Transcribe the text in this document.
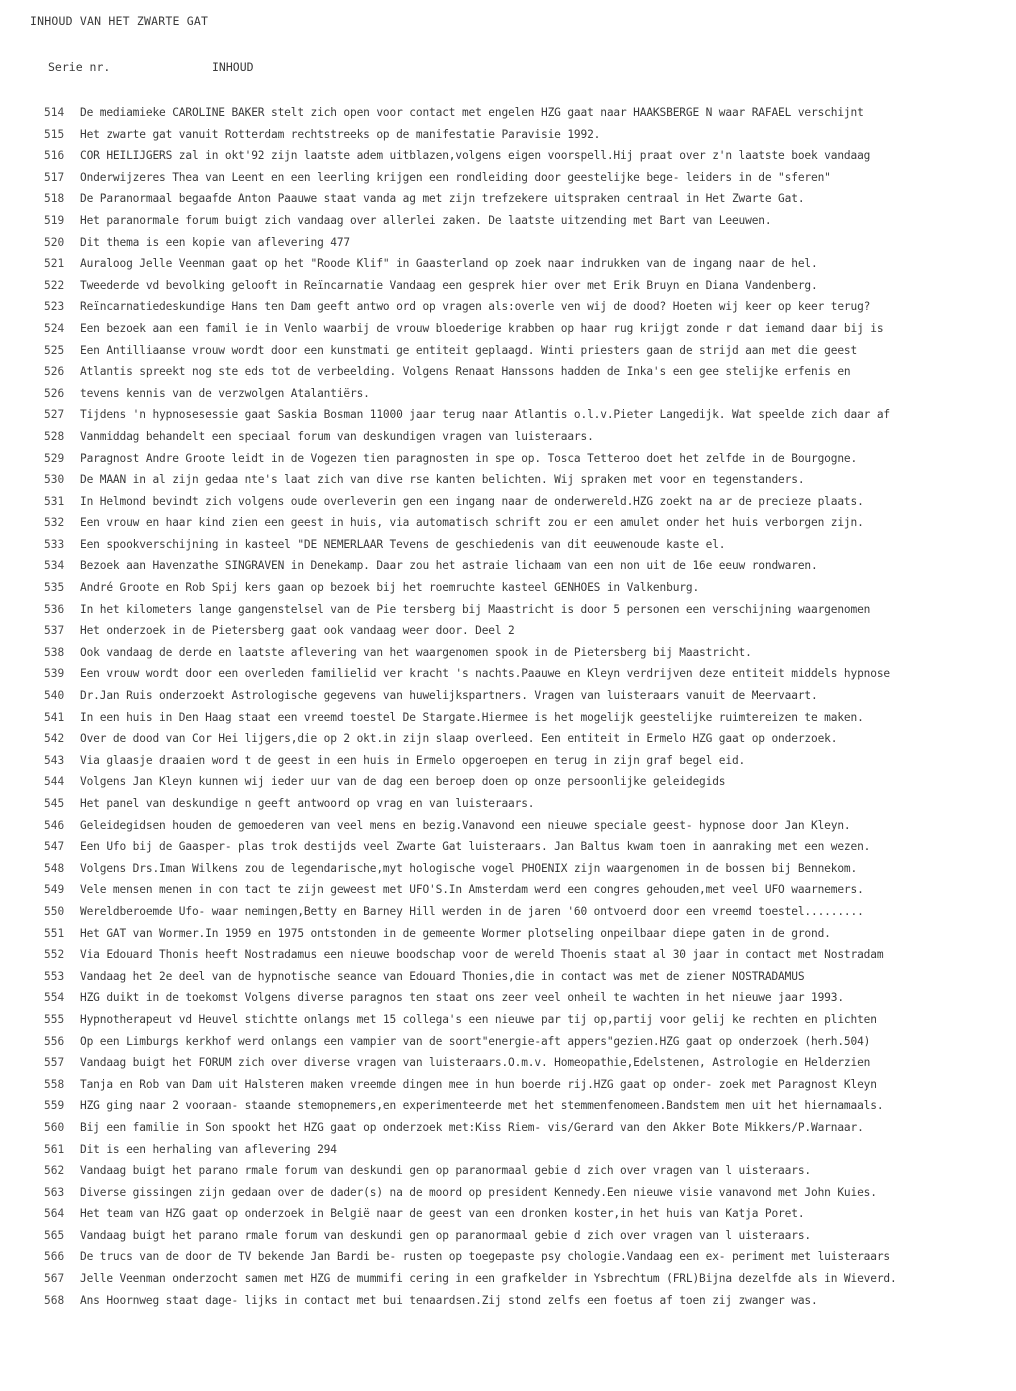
INHOUD VAN HET ZWARTE GAT
Serie nr.	INHOUD
514	De mediamieke CAROLINE BAKER stelt zich open voor contact met engelen HZG gaat naar HAAKSBERGE N waar RAFAEL verschijnt
515	Het zwarte gat vanuit Rotterdam rechtstreeks op de manifestatie Paravisie 1992.
516	COR HEILIJGERS zal in okt'92 zijn laatste adem uitblazen,volgens eigen voorspell.Hij praat over z'n laatste boek vandaag
517	Onderwijzeres Thea van Leent en een leerling krijgen een rondleiding door geestelijke bege- leiders in de "sferen"
518	De Paranormaal begaafde Anton Paauwe staat vanda ag met zijn trefzekere uitspraken centraal in Het Zwarte Gat.
519	Het paranormale forum buigt zich vandaag over allerlei zaken. De laatste uitzending met Bart van Leeuwen.
520	Dit thema is een kopie van aflevering 477
521	Auraloog Jelle Veenman gaat op het "Roode Klif" in Gaasterland op zoek naar indrukken van de ingang naar de hel.
522	Tweederde vd bevolking gelooft in Reïncarnatie Vandaag een gesprek hier over met Erik Bruyn en Diana Vandenberg.
523	Reïncarnatiedeskundige Hans ten Dam geeft antwo ord op vragen als:overle ven wij de dood? Hoeten wij keer op keer terug?
524	Een bezoek aan een famil ie in Venlo waarbij de vrouw bloederige krabben op haar rug krijgt zonde r dat iemand daar bij is
525	Een Antilliaanse vrouw wordt door een kunstmati ge entiteit geplaagd. Winti priesters gaan de strijd aan met die geest
526	Atlantis spreekt nog ste eds tot de verbeelding. Volgens Renaat Hanssons hadden de Inka's een gee stelijke erfenis en
526	tevens kennis van de verzwolgen Atalantiërs.
527	Tijdens 'n hypnosesessie gaat Saskia Bosman 11000 jaar terug naar Atlantis o.l.v.Pieter Langedijk. Wat speelde zich daar af
528	Vanmiddag behandelt een speciaal forum van deskundigen vragen van luisteraars.
529	Paragnost Andre Groote leidt in de Vogezen tien paragnosten in spe op. Tosca Tetteroo doet het zelfde in de Bourgogne.
530	De MAAN in al zijn gedaa nte's laat zich van dive rse kanten belichten. Wij spraken met voor en tegenstanders.
531	In Helmond bevindt zich volgens oude overleverin gen een ingang naar de onderwereld.HZG zoekt na ar de precieze plaats.
532	Een vrouw en haar kind zien een geest in huis, via automatisch schrift zou er een amulet onder het huis verborgen zijn.
533	Een spookverschijning in kasteel "DE NEMERLAAR Tevens de geschiedenis van dit eeuwenoude kaste el.
534	Bezoek aan Havenzathe SINGRAVEN in Denekamp. Daar zou het astraie lichaam van een non uit de 16e eeuw rondwaren.
535	André Groote en Rob Spij kers gaan op bezoek bij het roemruchte kasteel GENHOES in Valkenburg.
536	In het kilometers lange gangenstelsel van de Pie tersberg bij Maastricht is door 5 personen een verschijning waargenomen
537	Het onderzoek in de Pietersberg gaat ook vandaag weer door. Deel 2
538	Ook vandaag de derde en laatste aflevering van het waargenomen spook in de Pietersberg bij Maastricht.
539	Een vrouw wordt door een overleden familielid ver kracht 's nachts.Paauwe en Kleyn verdrijven deze entiteit middels hypnose
540	Dr.Jan Ruis onderzoekt Astrologische gegevens van huwelijkspartners. Vragen van luisteraars vanuit de Meervaart.
541	In een huis in Den Haag staat een vreemd toestel De Stargate.Hiermee is het mogelijk geestelijke ruimtereizen te maken.
542	Over de dood van Cor Hei lijgers,die op 2 okt.in zijn slaap overleed. Een entiteit in Ermelo HZG gaat op onderzoek.
543	Via glaasje draaien word t de geest in een huis in Ermelo opgeroepen en terug in zijn graf begel eid.
544	Volgens Jan Kleyn kunnen wij ieder uur van de dag een beroep doen op onze persoonlijke geleidegids
545	Het panel van deskundige n geeft antwoord op vrag en van luisteraars.
546	Geleidegidsen houden de gemoederen van veel mens en bezig.Vanavond een nieuwe speciale geest- hypnose door Jan Kleyn.
547	Een Ufo bij de Gaasper- plas trok destijds veel Zwarte Gat luisteraars. Jan Baltus kwam toen in aanraking met een wezen.
548	Volgens Drs.Iman Wilkens zou de legendarische,myt hologische vogel PHOENIX zijn waargenomen in de bossen bij Bennekom.
549	Vele mensen menen in con tact te zijn geweest met UFO'S.In Amsterdam werd een congres gehouden,met veel UFO waarnemers.
550	Wereldberoemde Ufo- waar nemingen,Betty en Barney Hill werden in de jaren '60 ontvoerd door een vreemd toestel.........
551	Het GAT van Wormer.In 1959 en 1975 ontstonden in de gemeente Wormer plotseling onpeilbaar diepe gaten in de grond.
552	Via Edouard Thonis heeft Nostradamus een nieuwe boodschap voor de wereld Thoenis staat al 30 jaar in contact met Nostradam
553	Vandaag het 2e deel van de hypnotische seance van Edouard Thonies,die in contact was met de ziener NOSTRADAMUS
554	HZG duikt in de toekomst Volgens diverse paragnos ten staat ons zeer veel onheil te wachten in het nieuwe jaar 1993.
555	Hypnotherapeut vd Heuvel stichtte onlangs met 15 collega's een nieuwe par tij op,partij voor gelij ke rechten en plichten
556	Op een Limburgs kerkhof werd onlangs een vampier van de soort"energie-aft appers"gezien.HZG gaat op onderzoek (herh.504)
557	Vandaag buigt het FORUM zich over diverse vragen van luisteraars.O.m.v. Homeopathie,Edelstenen, Astrologie en Helderzien
558	Tanja en Rob van Dam uit Halsteren maken vreemde dingen mee in hun boerde rij.HZG gaat op onder- zoek met Paragnost Kleyn
559	HZG ging naar 2 vooraan- staande stemopnemers,en experimenteerde met het stemmenfenomeen.Bandstem men uit het hiernamaals.
560	Bij een familie in Son spookt het HZG gaat op onderzoek met:Kiss Riem- vis/Gerard van den Akker Bote Mikkers/P.Warnaar.
561	Dit is een herhaling van aflevering 294
562	Vandaag buigt het parano rmale forum van deskundi gen op paranormaal gebie d zich over vragen van l uisteraars.
563	Diverse gissingen zijn gedaan over de dader(s) na de moord op president Kennedy.Een nieuwe visie vanavond met John Kuies.
564	Het team van HZG gaat op onderzoek in België naar de geest van een dronken koster,in het huis van Katja Poret.
565	Vandaag buigt het parano rmale forum van deskundi gen op paranormaal gebie d zich over vragen van l uisteraars.
566	De trucs van de door de TV bekende Jan Bardi be- rusten op toegepaste psy chologie.Vandaag een ex- periment met luisteraars
567	Jelle Veenman onderzocht samen met HZG de mummifi cering in een grafkelder in Ysbrechtum (FRL)Bijna dezelfde als in Wieverd.
568	Ans Hoornweg staat dage- lijks in contact met bui tenaardsen.Zij stond zelfs een foetus af toen zij zwanger was.
